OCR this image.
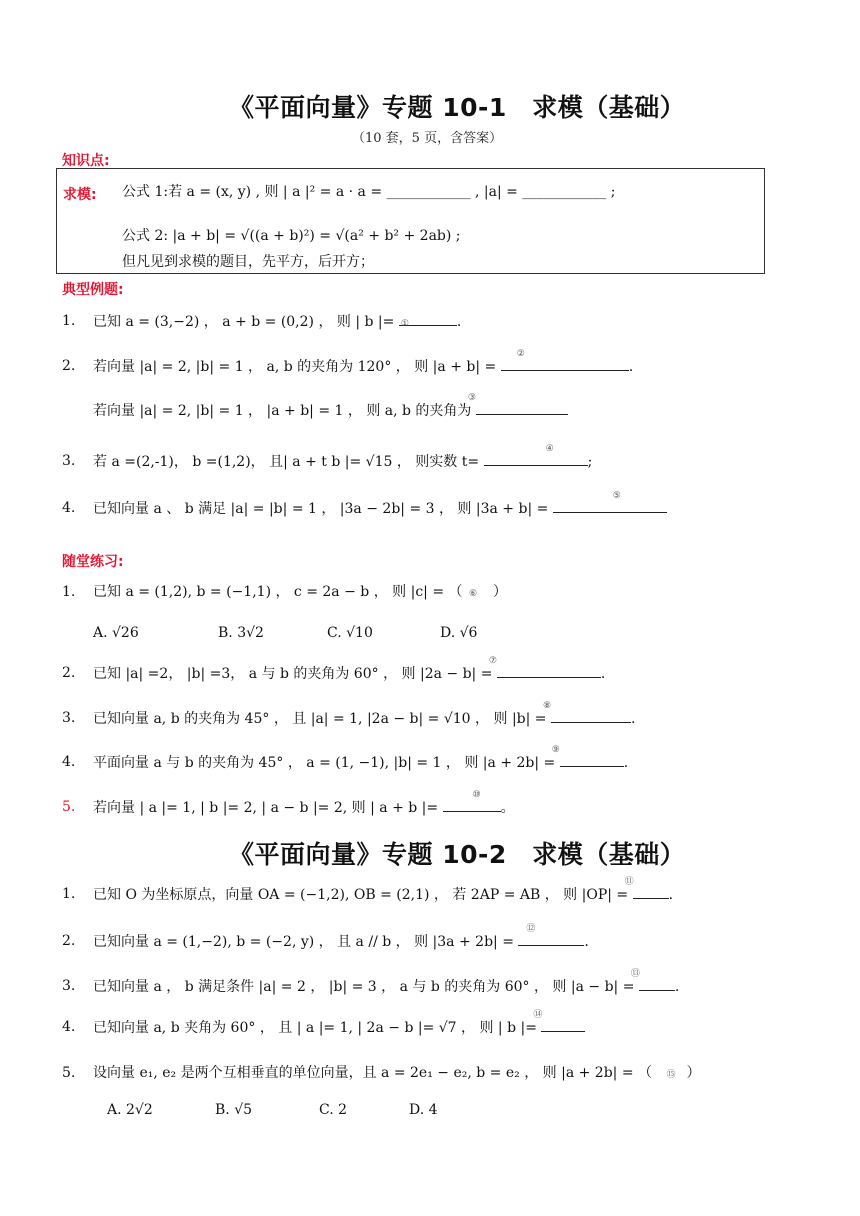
《平面向量》专题 10-1　求模（基础）
（10 套，5 页，含答案）
知识点:
求模: 公式 1:若 a = (x, y) , 则 | a |² = a · a = ____________ , |a| = ____________ ;
公式 2: |a + b| = √((a + b)²) = √(a² + b² + 2ab) ;
但凡见到求模的题目，先平方，后开方；
典型例题:
1. 已知 a = (3,−2) ， a + b = (0,2) ， 则 | b |= ①	.
2. 若向量 |a| = 2, |b| = 1 ， a, b 的夹角为 120° ， 则 |a + b| =
②
.
若向量 |a| = 2, |b| = 1 ， |a + b| = 1 ， 则 a, b 的夹角为
③
3. 若 a =(2,-1)， b =(1,2)， 且| a + t b |= √15 ， 则实数 t=
④
;
4. 已知向量 a 、 b 满足 |a| = |b| = 1 ， |3a − 2b| = 3 ， 则 |3a + b| =
⑤
随堂练习:
1. 已知 a = (1,2), b = (−1,1) ， c = 2a − b ， 则 |c| = （ ⑥ ）
A. √26	B. 3√2	C. √10	D. √6
2. 已知 |a| =2， |b| =3， a 与 b 的夹角为 60° ， 则 |2a − b| =
⑦
.
3. 已知向量 a, b 的夹角为 45° ， 且 |a| = 1, |2a − b| = √10 ， 则 |b| =
⑧
.
4. 平面向量 a 与 b 的夹角为 45° ， a = (1, −1), |b| = 1 ， 则 |a + 2b| =
⑨
.
5. 若向量 | a |= 1, | b |= 2, | a − b |= 2, 则 | a + b |=
⑩
。
《平面向量》专题 10-2　求模（基础）
1. 已知 O 为坐标原点，向量 OA = (−1,2), OB = (2,1) ， 若 2AP = AB ， 则 |OP| =
⑪
.
2. 已知向量 a = (1,−2), b = (−2, y) ， 且 a // b ， 则 |3a + 2b| =
⑫
.
3. 已知向量 a ， b 满足条件 |a| = 2 ， |b| = 3 ， a 与 b 的夹角为 60° ， 则 |a − b| =
⑬
.
4. 已知向量 a, b 夹角为 60° ， 且 | a |= 1, | 2a − b |= √7 ， 则 | b |=
⑭
5. 设向量 e₁, e₂ 是两个互相垂直的单位向量，且 a = 2e₁ − e₂, b = e₂ ， 则 |a + 2b| = （ ⑮ ）
A. 2√2	B. √5	C. 2	D. 4
